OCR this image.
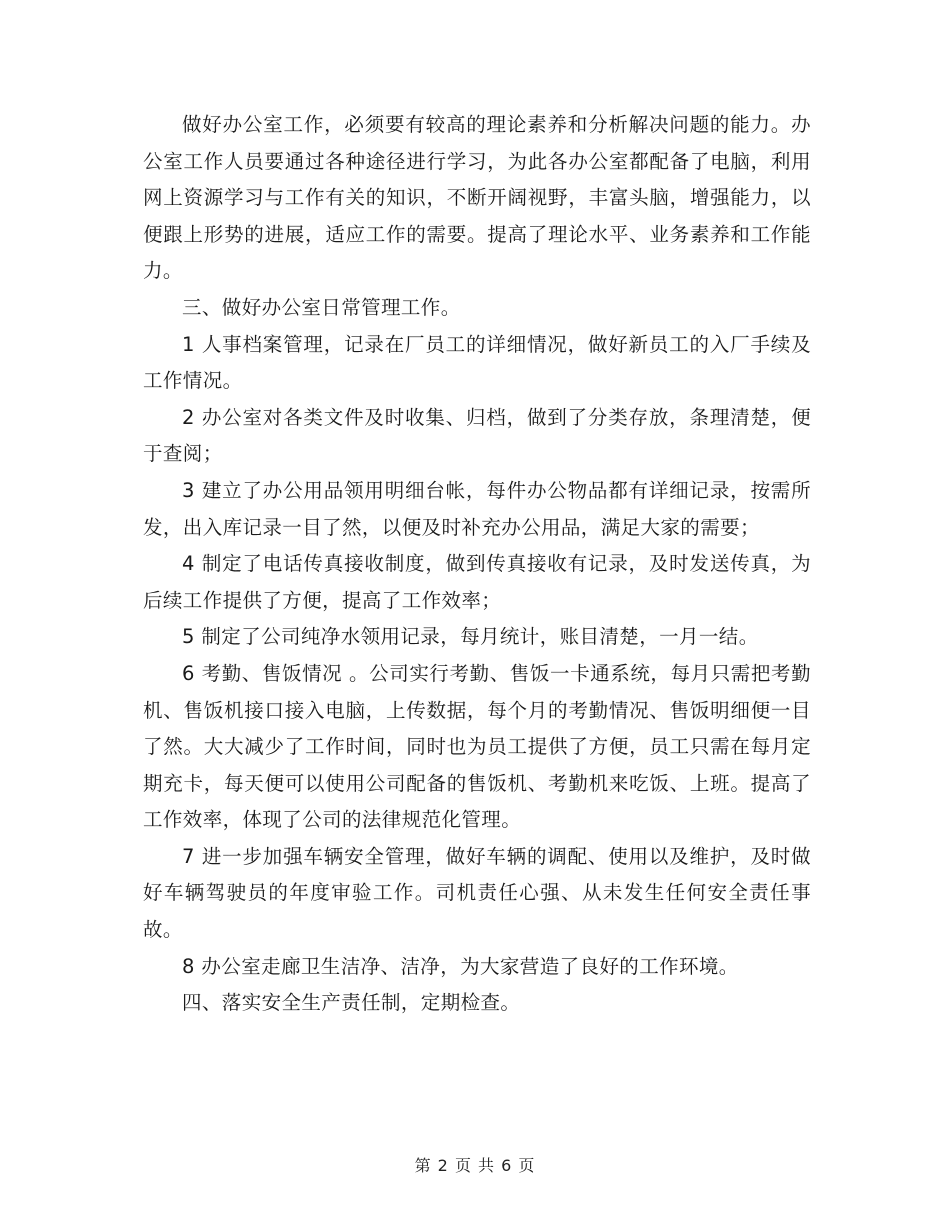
做好办公室工作，必须要有较高的理论素养和分析解决问题的能力。办公室工作人员要通过各种途径进行学习，为此各办公室都配备了电脑，利用网上资源学习与工作有关的知识，不断开阔视野，丰富头脑，增强能力，以便跟上形势的进展，适应工作的需要。提高了理论水平、业务素养和工作能力。

三、做好办公室日常管理工作。

1 人事档案管理，记录在厂员工的详细情况，做好新员工的入厂手续及工作情况。

2 办公室对各类文件及时收集、归档，做到了分类存放，条理清楚，便于查阅；

3 建立了办公用品领用明细台帐，每件办公物品都有详细记录，按需所发，出入库记录一目了然，以便及时补充办公用品，满足大家的需要；

4 制定了电话传真接收制度，做到传真接收有记录，及时发送传真，为后续工作提供了方便，提高了工作效率；

5 制定了公司纯净水领用记录，每月统计，账目清楚，一月一结。

6 考勤、售饭情况 。公司实行考勤、售饭一卡通系统，每月只需把考勤机、售饭机接口接入电脑，上传数据，每个月的考勤情况、售饭明细便一目了然。大大减少了工作时间，同时也为员工提供了方便，员工只需在每月定期充卡，每天便可以使用公司配备的售饭机、考勤机来吃饭、上班。提高了工作效率，体现了公司的法律规范化管理。

7 进一步加强车辆安全管理，做好车辆的调配、使用以及维护，及时做好车辆驾驶员的年度审验工作。司机责任心强、从未发生任何安全责任事故。

8 办公室走廊卫生洁净、洁净，为大家营造了良好的工作环境。

四、落实安全生产责任制，定期检查。

第 2 页 共 6 页
